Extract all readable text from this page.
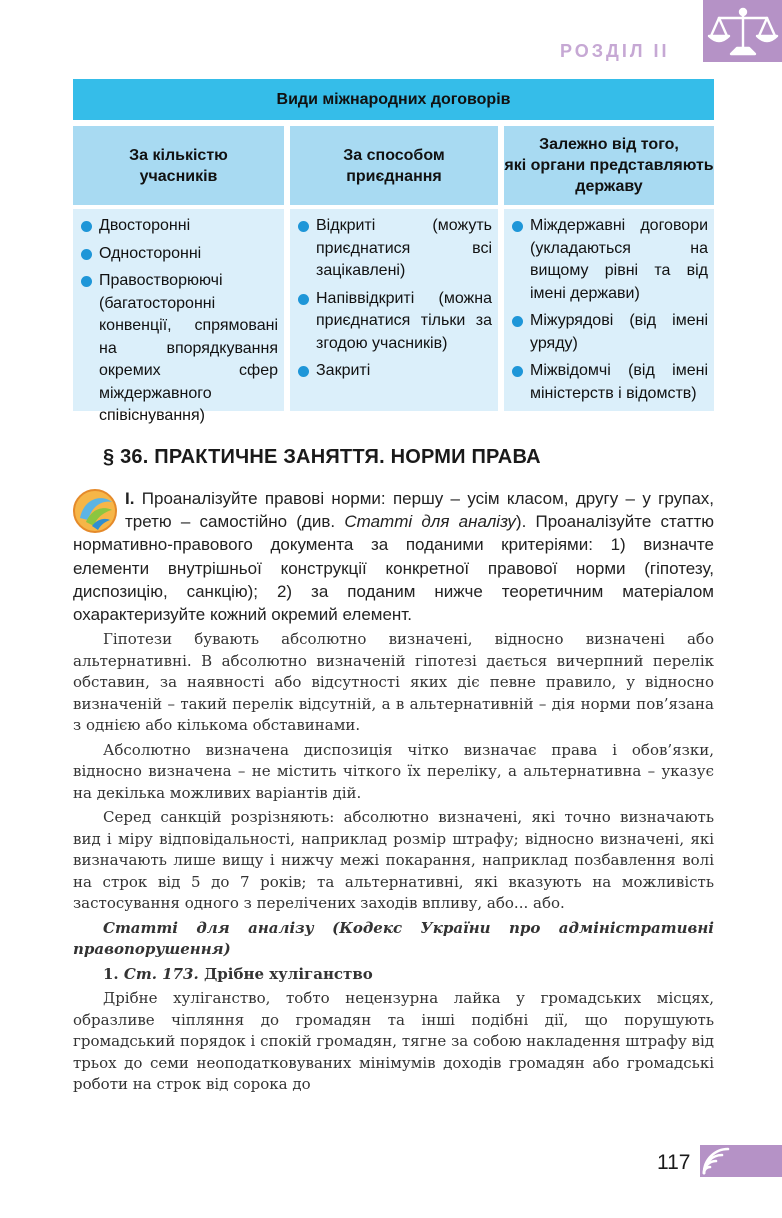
РОЗДІЛ II
Види міжнародних договорів
За кількістю
учасників
За способом
приєднання
Залежно від того,
які органи представляють державу
Двосторонні
Односторонні
Правостворюючі (багатосторонні конвенції, спрямовані на впорядкування окремих сфер міждержавного співіснування)
Відкриті (можуть приєднатися всі зацікавлені)
Напіввідкриті (можна приєднатися тільки за згодою учасників)
Закриті
Міждержавні договори (укладаються на вищому рівні та від імені держави)
Міжурядові (від імені уряду)
Міжвідомчі (від імені міністерств і відомств)
§ 36. ПРАКТИЧНЕ ЗАНЯТТЯ. НОРМИ ПРАВА
I. Проаналізуйте правові норми: першу – усім класом, другу – у групах, третю – самостійно (див. Статті для аналізу). Проаналізуйте статтю нормативно-правового документа за поданими критеріями: 1) визначте елементи внутрішньої конструкції конкретної правової норми (гіпотезу, диспозицію, санкцію); 2) за поданим нижче теоретичним матеріалом охарактеризуйте кожний окремий елемент.

Гіпотези бувають абсолютно визначені, відносно визначені або альтернативні. В абсолютно визначеній гіпотезі дається вичерпний перелік обставин, за наявності або відсутності яких діє певне правило, у відносно визначеній – такий перелік відсутній, а в альтернативній – дія норми пов’язана з однією або кількома обставинами.

Абсолютно визначена диспозиція чітко визначає права і обов’язки, відносно визначена – не містить чіткого їх переліку, а альтернативна – указує на декілька можливих варіантів дій.

Серед санкцій розрізняють: абсолютно визначені, які точно визначають вид і міру відповідальності, наприклад розмір штрафу; відносно визначені, які визначають лише вищу і нижчу межі покарання, наприклад позбавлення волі на строк від 5 до 7 років; та альтернативні, які вказують на можливість застосування одного з перелічених заходів впливу, або... або.

Статті для аналізу (Кодекс України про адміністративні правопорушення)

1. Ст. 173. Дрібне хуліганство

Дрібне хуліганство, тобто нецензурна лайка у громадських місцях, образливе чіпляння до громадян та інші подібні дії, що порушують громадський порядок і спокій громадян, тягне за собою накладення штрафу від трьох до семи неоподатковуваних мінімумів доходів громадян або громадські роботи на строк від сорока до

117
